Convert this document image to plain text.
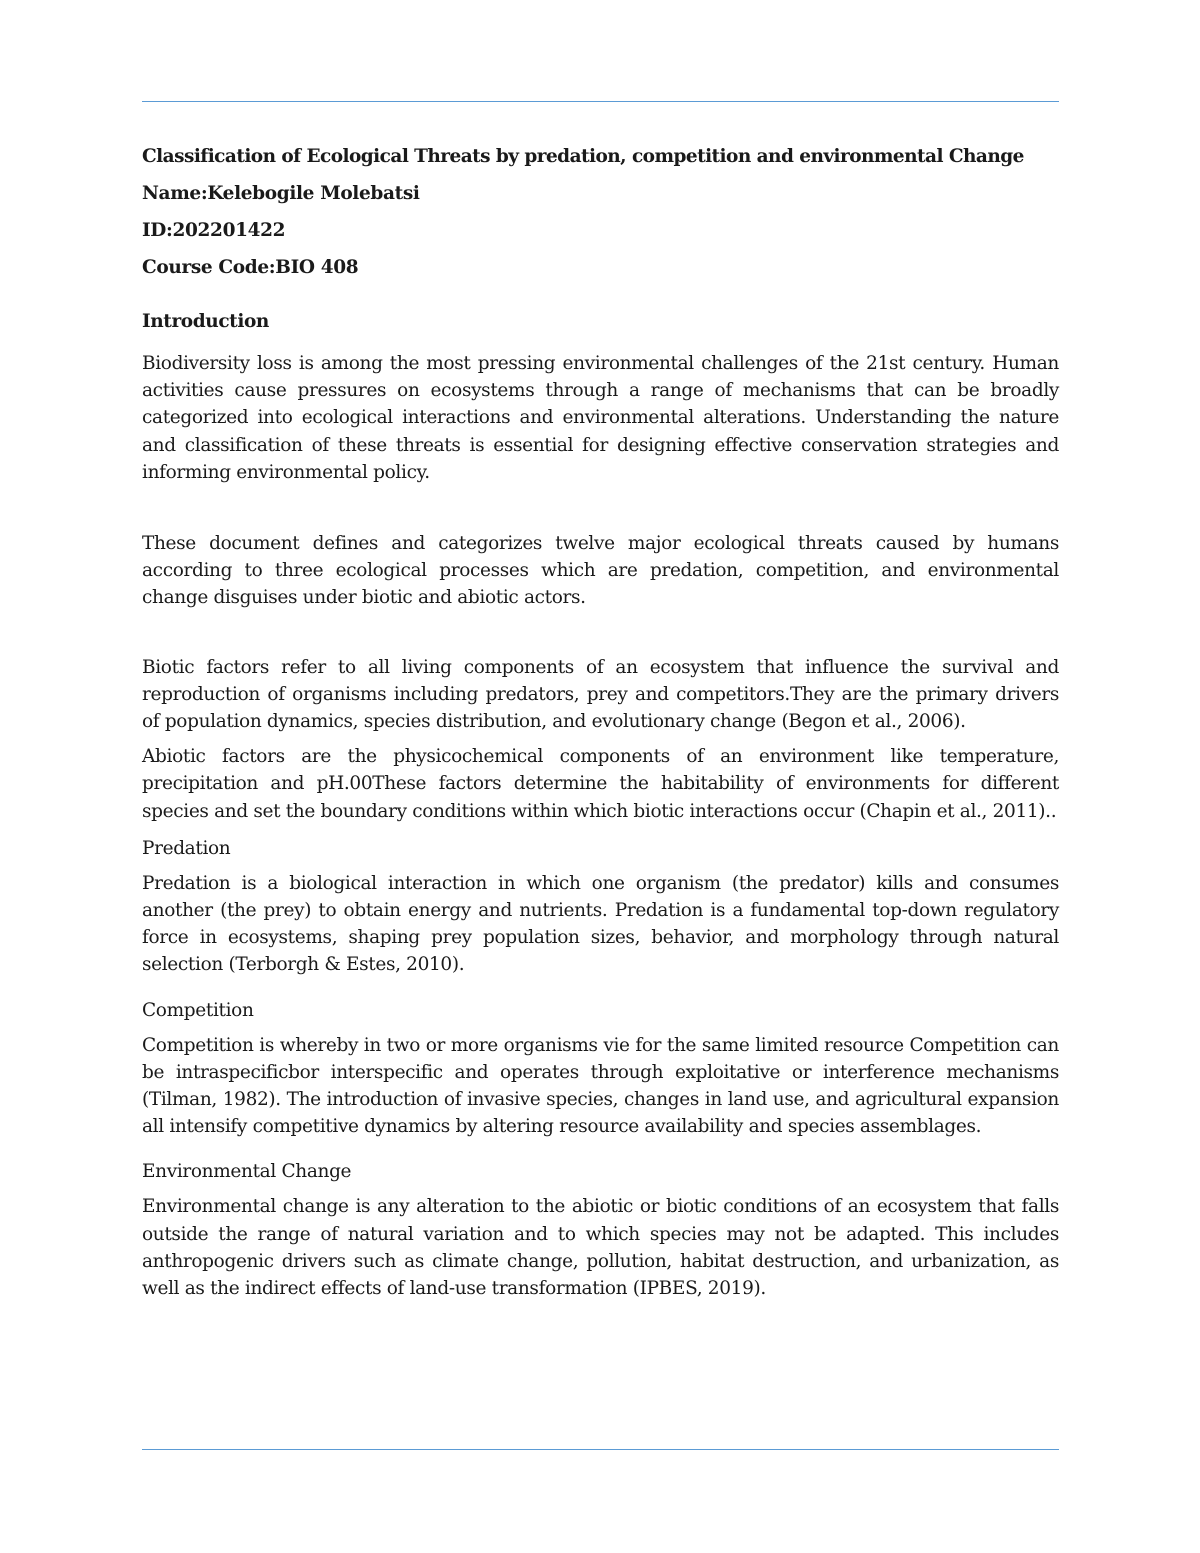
Classification of Ecological Threats by predation, competition and environmental Change
Name:Kelebogile Molebatsi
ID:202201422
Course Code:BIO 408
Introduction

Biodiversity loss is among the most pressing environmental challenges of the 21st century. Human activities cause pressures on ecosystems through a range of mechanisms that can be broadly categorized into ecological interactions and environmental alterations. Understanding the nature and classification of these threats is essential for designing effective conservation strategies and informing environmental policy.

These document defines and categorizes twelve major ecological threats caused by humans according to three ecological processes which are predation, competition, and environmental change disguises under biotic and abiotic actors.

Biotic factors refer to all living components of an ecosystem that influence the survival and reproduction of organisms including predators, prey and competitors.They are the primary drivers of population dynamics, species distribution, and evolutionary change (Begon et al., 2006).

Abiotic factors are the physicochemical components of an environment like temperature, precipitation and pH.00These factors determine the habitability of environments for different species and set the boundary conditions within which biotic interactions occur (Chapin et al., 2011)..

Predation

Predation is a biological interaction in which one organism (the predator) kills and consumes another (the prey) to obtain energy and nutrients. Predation is a fundamental top-down regulatory force in ecosystems, shaping prey population sizes, behavior, and morphology through natural selection (Terborgh & Estes, 2010).

Competition

Competition is whereby in two or more organisms vie for the same limited resource Competition can be intraspecificbor interspecific and operates through exploitative or interference mechanisms (Tilman, 1982). The introduction of invasive species, changes in land use, and agricultural expansion all intensify competitive dynamics by altering resource availability and species assemblages.

Environmental Change

Environmental change is any alteration to the abiotic or biotic conditions of an ecosystem that falls outside the range of natural variation and to which species may not be adapted. This includes anthropogenic drivers such as climate change, pollution, habitat destruction, and urbanization, as well as the indirect effects of land-use transformation (IPBES, 2019).
